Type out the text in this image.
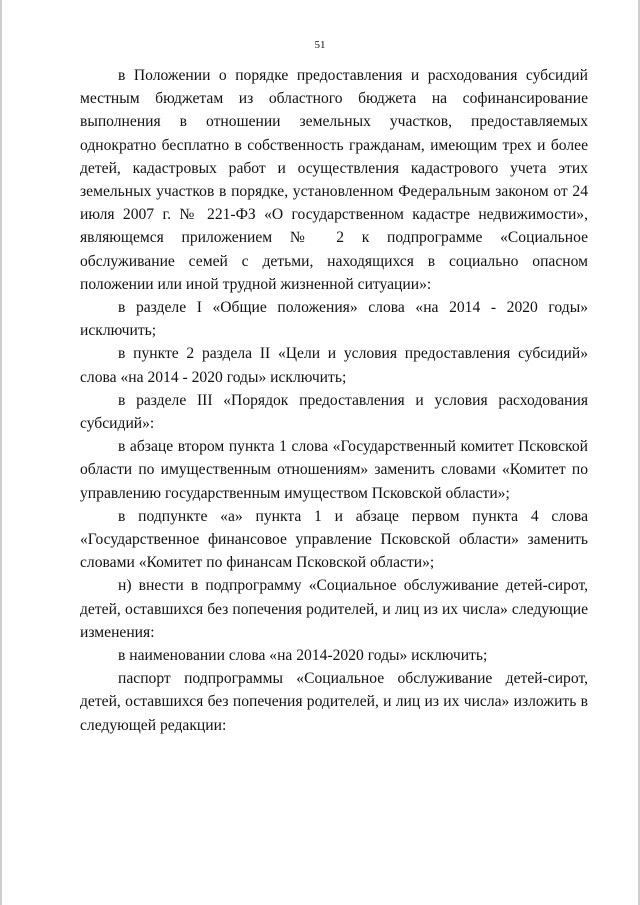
51

в Положении о порядке предоставления и расходования субсидий местным бюджетам из областного бюджета на софинансирование выполнения в отношении земельных участков, предоставляемых однократно бесплатно в собственность гражданам, имеющим трех и более детей, кадастровых работ и осуществления кадастрового учета этих земельных участков в порядке, установленном Федеральным законом от 24 июля 2007 г. № 221-ФЗ «О государственном кадастре недвижимости», являющемся приложением № 2 к подпрограмме «Социальное обслуживание семей с детьми, находящихся в социально опасном положении или иной трудной жизненной ситуации»:

в разделе I «Общие положения» слова «на 2014 - 2020 годы» исключить;

в пункте 2 раздела II «Цели и условия предоставления субсидий» слова «на 2014 - 2020 годы» исключить;

в разделе III «Порядок предоставления и условия расходования субсидий»:

в абзаце втором пункта 1 слова «Государственный комитет Псковской области по имущественным отношениям» заменить словами «Комитет по управлению государственным имуществом Псковской области»;

в подпункте «а» пункта 1 и абзаце первом пункта 4 слова «Государственное финансовое управление Псковской области» заменить словами «Комитет по финансам Псковской области»;

н) внести в подпрограмму «Социальное обслуживание детей-сирот, детей, оставшихся без попечения родителей, и лиц из их числа» следующие изменения:

в наименовании слова «на 2014-2020 годы» исключить;

паспорт подпрограммы «Социальное обслуживание детей-сирот, детей, оставшихся без попечения родителей, и лиц из их числа» изложить в следующей редакции:
